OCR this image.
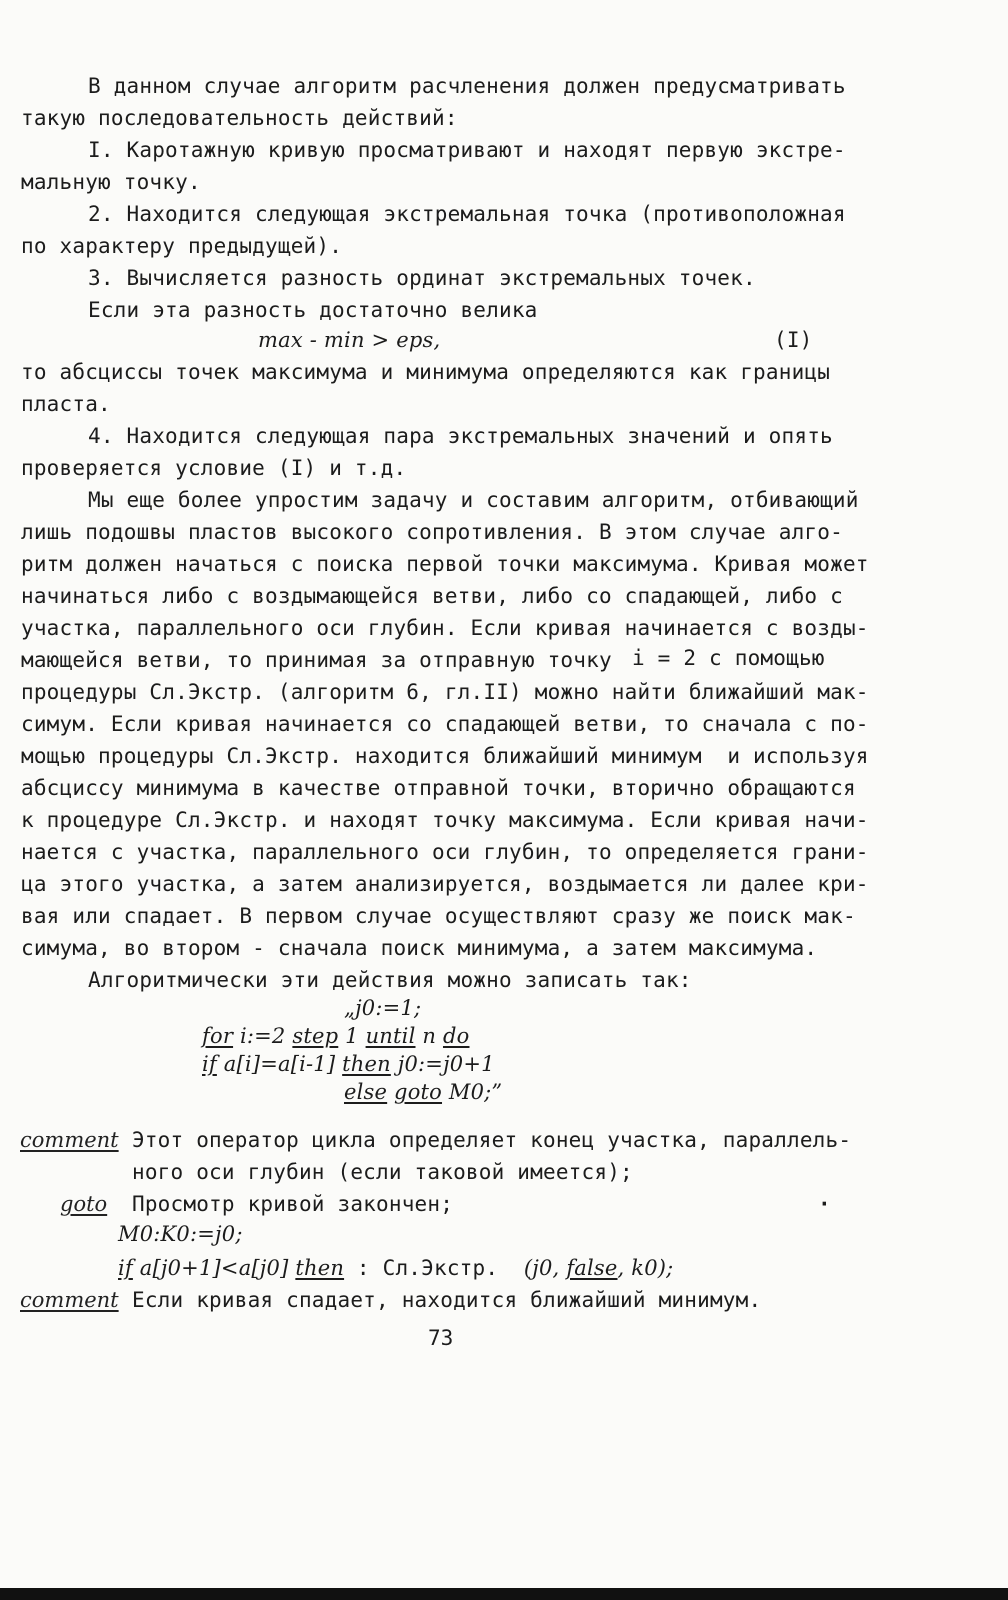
В данном случае алгоритм расчленения должен предусматривать
такую последовательность действий:
I. Каротажную кривую просматривают и находят первую экстре-
мальную точку.
2. Находится следующая экстремальная точка (противоположная
по характеру предыдущей).
3. Вычисляется разность ординат экстремальных точек.
Если эта разность достаточно велика
max - min > eps,	(I)
то абсциссы точек максимума и минимума определяются как границы
пласта.
4. Находится следующая пара экстремальных значений и опять
проверяется условие (I) и т.д.
Мы еще более упростим задачу и составим алгоритм, отбивающий
лишь подошвы пластов высокого сопротивления. В этом случае алго-
ритм должен начаться с поиска первой точки максимума. Кривая может
начинаться либо с воздымающейся ветви, либо со спадающей, либо с
участка, параллельного оси глубин. Если кривая начинается с возды-
мающейся ветви, то принимая за отправную точку i = 2 с помощью
процедуры Сл.Экстр. (алгоритм 6, гл.II) можно найти ближайший мак-
симум. Если кривая начинается со спадающей ветви, то сначала с по-
мощью процедуры Сл.Экстр. находится ближайший минимум  и используя
абсциссу минимума в качестве отправной точки, вторично обращаются
к процедуре Сл.Экстр. и находят точку максимума. Если кривая начи-
нается с участка, параллельного оси глубин, то определяется грани-
ца этого участка, а затем анализируется, воздымается ли далее кри-
вая или спадает. В первом случае осуществляют сразу же поиск мак-
симума, во втором - сначала поиск минимума, а затем максимума.
Алгоритмически эти действия можно записать так:
„j0:=1;
for i:=2 step 1 until n do
if a[i]=a[i-1] then j0:=j0+1
else goto M0;”
comment Этот оператор цикла определяет конец участка, параллель-
ного оси глубин (если таковой имеется);
goto Просмотр кривой закончен;	·
M0:K0:=j0;
if a[j0+1]<a[j0] then : Сл.Экстр.  (j0, false, k0);
comment Если кривая спадает, находится ближайший минимум.
73
